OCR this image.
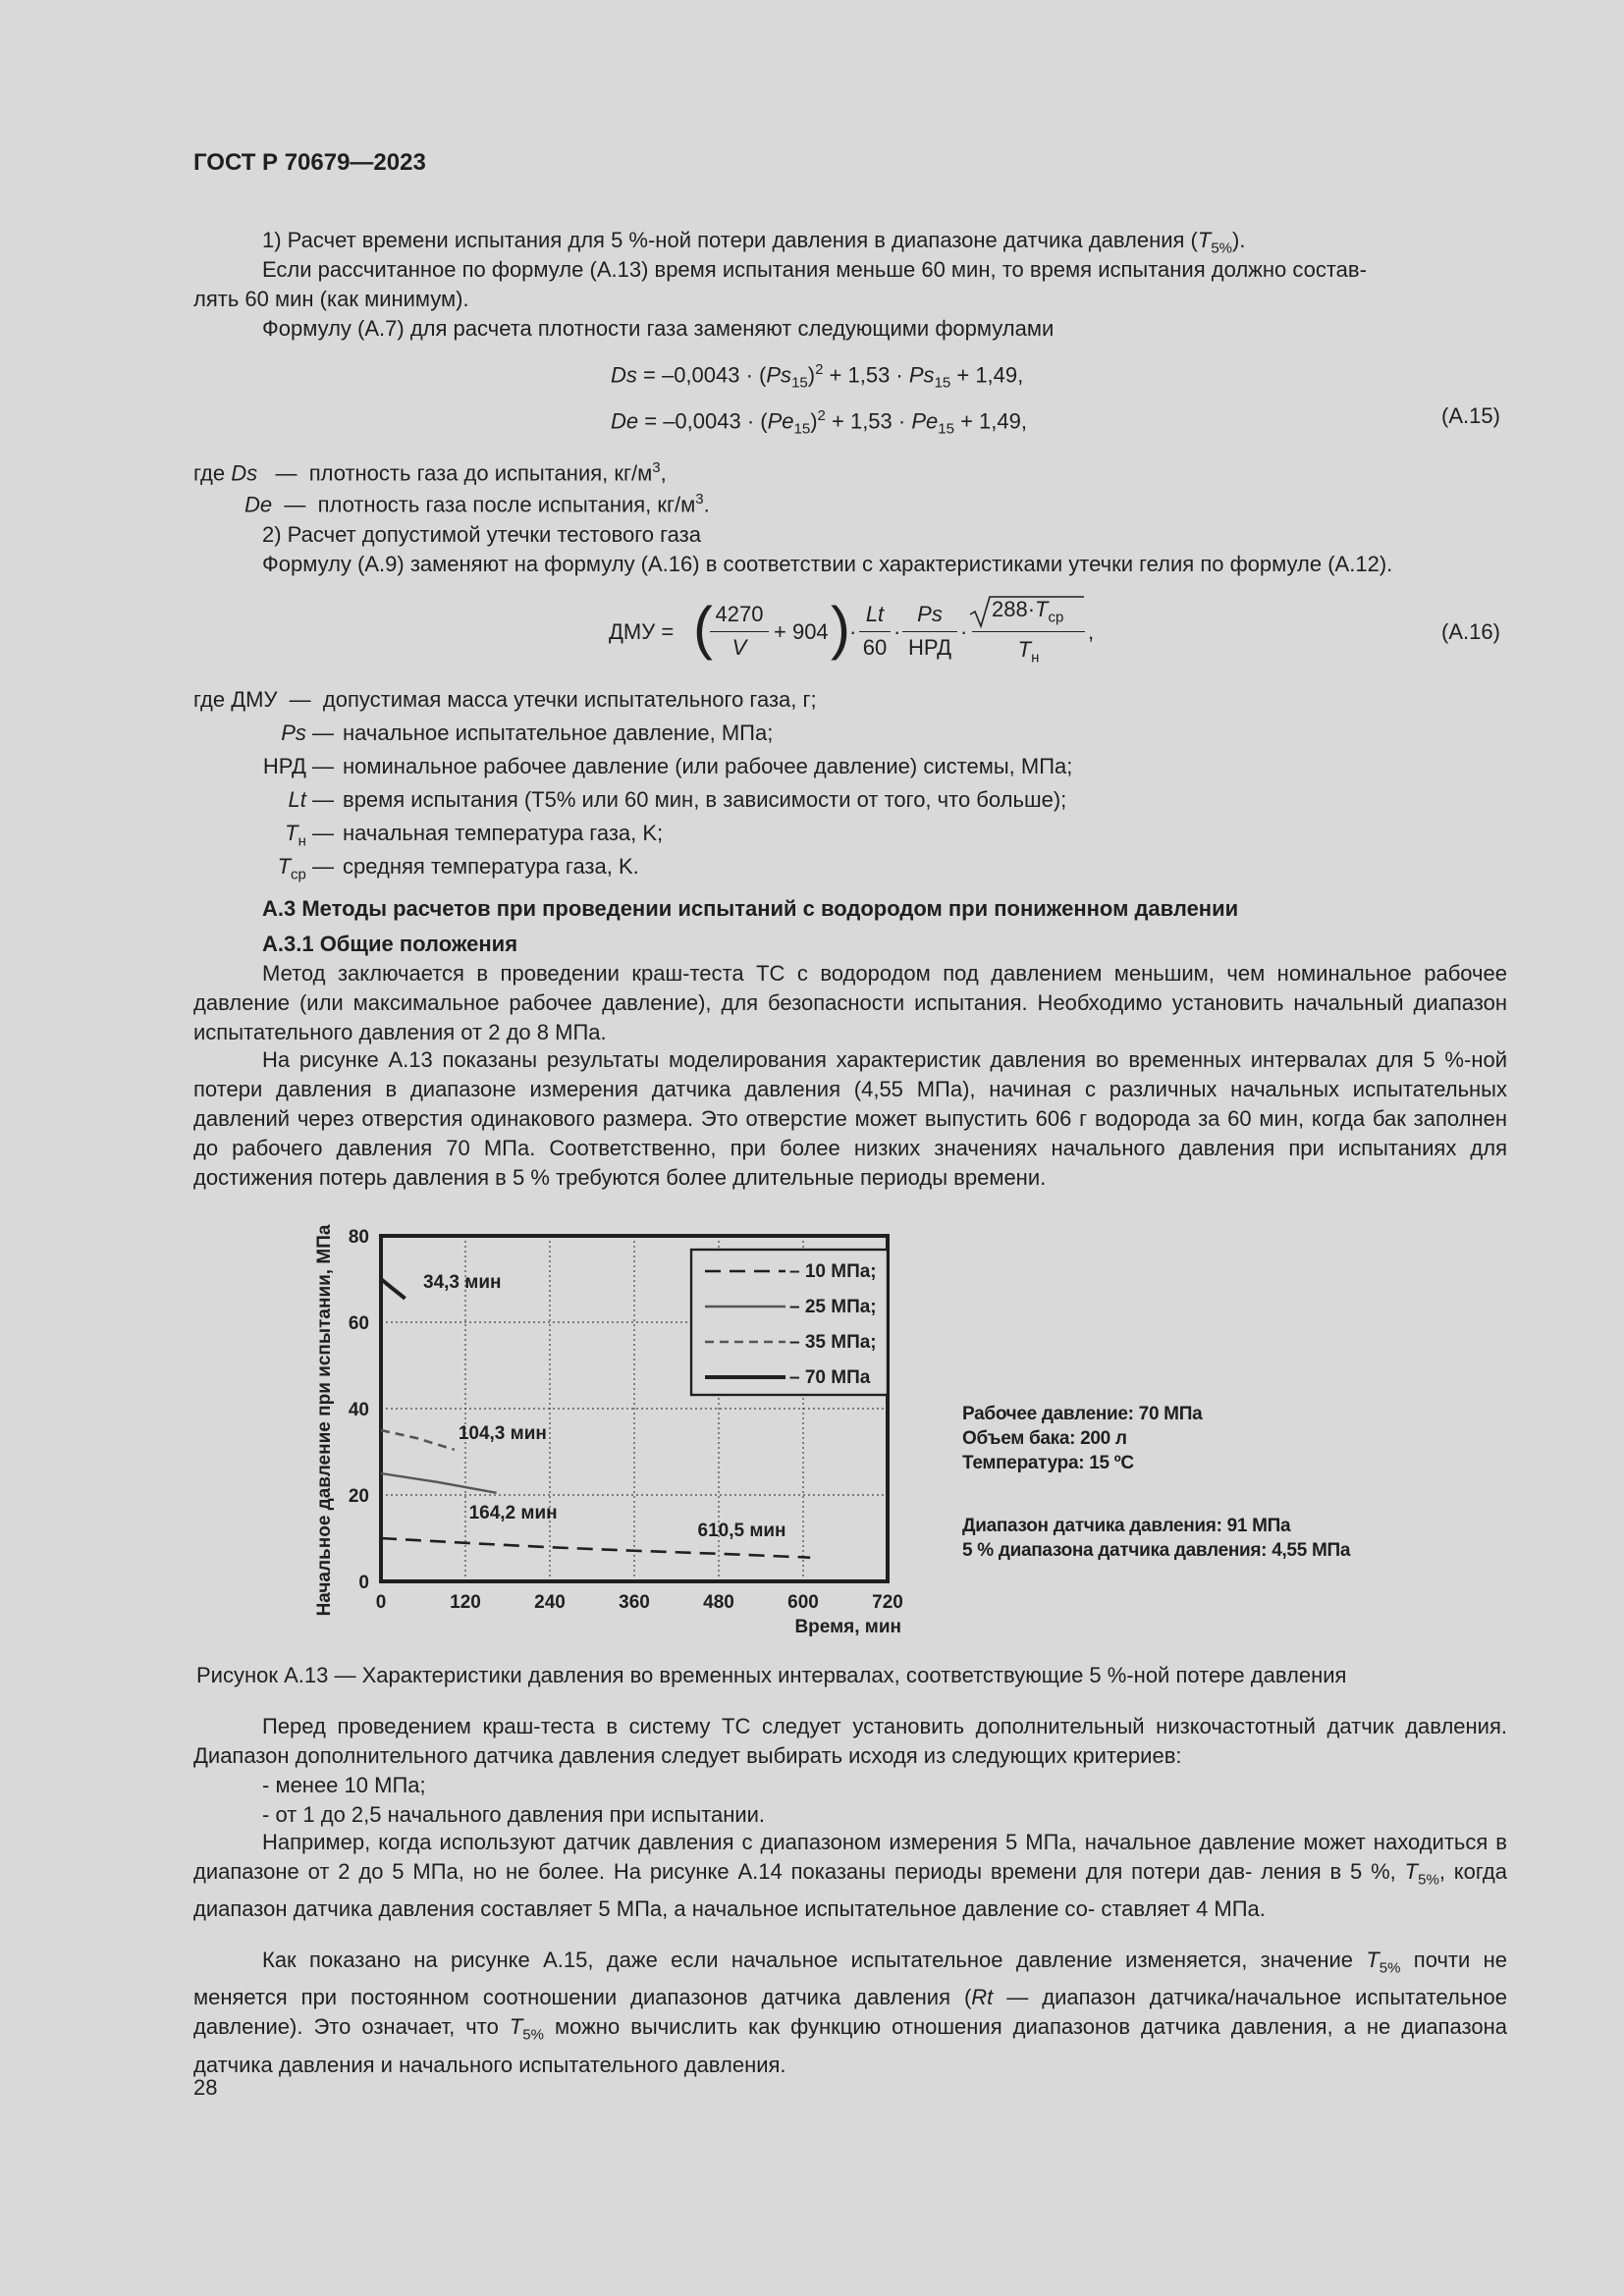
ГОСТ Р 70679—2023
1) Расчет времени испытания для 5 %-ной потери давления в диапазоне датчика давления $(T_{5\%})$.
Если рассчитанное по формуле (А.13) время испытания меньше 60 мин, то время испытания должно состав-
лять 60 мин (как минимум).
Формулу (А.7) для расчета плотности газа заменяют следующими формулами
$Ds = -0,0043 \cdot (Ps_{15})^2 + 1,53 \cdot Ps_{15} + 1,49$,
$De = -0,0043 \cdot (Pe_{15})^2 + 1,53 \cdot Pe_{15} + 1,49$,	(А.15)
где Ds — плотность газа до испытания, $кг/м^3$,
De — плотность газа после испытания, $кг/м^3$.
2) Расчет допустимой утечки тестового газа
Формулу (А.9) заменяют на формулу (А.16) в соответствии с характеристиками утечки гелия по формуле (А.12).
ДМУ = ( 4270
V
+ 904 ) ·
Lt
60
·
Ps
НРД
·
$288\cdot T_{ср}$
$T_н$
,	(А.16)
где ДМУ — допустимая масса утечки испытательного газа, г;
Ps — начальное испытательное давление, МПа;
НРД — номинальное рабочее давление (или рабочее давление) системы, МПа;
Lt — время испытания (T5% или 60 мин, в зависимости от того, что больше);
$T_н$ — начальная температура газа, K;
$T_{ср}$ — средняя температура газа, K.
А.3 Методы расчетов при проведении испытаний с водородом при пониженном давлении
А.3.1 Общие положения
Метод заключается в проведении краш-теста ТС с водородом под давлением меньшим, чем номинальное рабочее давление (или максимальное рабочее давление), для безопасности испытания. Необходимо установить начальный диапазон испытательного давления от 2 до 8 МПа.
На рисунке А.13 показаны результаты моделирования характеристик давления во временных интервалах для 5 %-ной потери давления в диапазоне измерения датчика давления (4,55 МПа), начиная с различных начальных испытательных давлений через отверстия одинакового размера. Это отверстие может выпустить 606 г водорода за 60 мин, когда бак заполнен до рабочего давления 70 МПа. Соответственно, при более низких значениях начального давления при испытаниях для достижения потерь давления в 5 % требуются более длительные периоды времени.
0	120	240	360	480	600	720
0
20
40
60
80
Время, мин
Начальное давление при испытании, МПа	34,3 мин
104,3 мин
164,2 мин
610,5 мин
– 10 МПа;
– 25 МПа;
– 35 МПа;
– 70 МПа
Рабочее давление: 70 МПа
Объем бака: 200 л
Температура: 15 ºC
Диапазон датчика давления: 91 МПа
5 % диапазона датчика давления: 4,55 МПа
Рисунок А.13 — Характеристики давления во временных интервалах, соответствующие 5 %-ной потере давления
Перед проведением краш-теста в систему ТС следует установить дополнительный низкочастотный датчик давления. Диапазон дополнительного датчика давления следует выбирать исходя из следующих критериев:
- менее 10 МПа;
- от 1 до 2,5 начального давления при испытании.
Например, когда используют датчик давления с диапазоном измерения 5 МПа, начальное давление может находиться в диапазоне от 2 до 5 МПа, но не более. На рисунке А.14 показаны периоды времени для потери дав- ления в 5 %, $T_{5\%}$, когда диапазон датчика давления составляет 5 МПа, а начальное испытательное давление со- ставляет 4 МПа.
Как показано на рисунке А.15, даже если начальное испытательное давление изменяется, значение $T_{5\%}$ почти не меняется при постоянном соотношении диапазонов датчика давления (Rt — диапазон датчика/начальное испытательное давление). Это означает, что $T_{5\%}$ можно вычислить как функцию отношения диапазонов датчика давления, а не диапазона датчика давления и начального испытательного давления.
28
